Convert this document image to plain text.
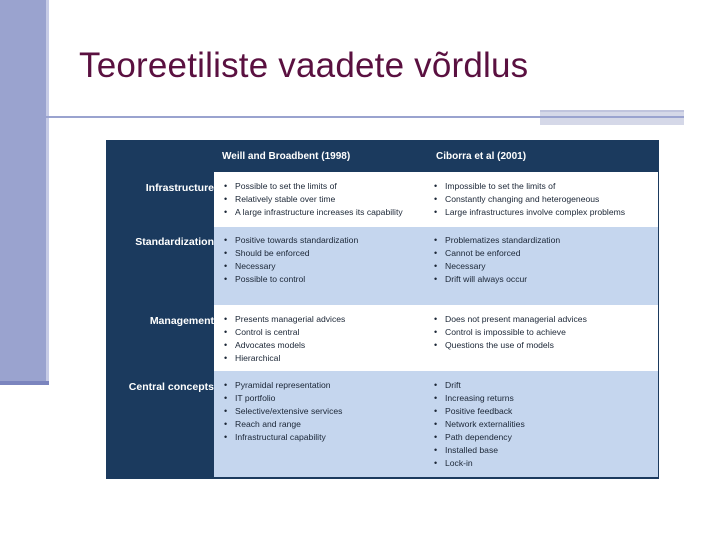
Teoreetiliste vaadete võrdlus
Weill and Broadbent (1998)	Ciborra et al (2001)
Infrastructure
Standardization
Management
Central concepts
• Possible to set the limits of
• Relatively stable over time
• A large infrastructure increases its capability
• Impossible to set the limits of
• Constantly changing and heterogeneous
• Large infrastructures involve complex problems
• Positive towards standardization
• Should be enforced
• Necessary
• Possible to control
• Problematizes standardization
• Cannot be enforced
• Necessary
• Drift will always occur
• Presents managerial advices
• Control is central
• Advocates models
• Hierarchical
• Does not present managerial advices
• Control is impossible to achieve
• Questions the use of models
• Pyramidal representation
• IT portfolio
• Selective/extensive services
• Reach and range
• Infrastructural capability
• Drift
• Increasing returns
• Positive feedback
• Network externalities
• Path dependency
• Installed base
• Lock-in
